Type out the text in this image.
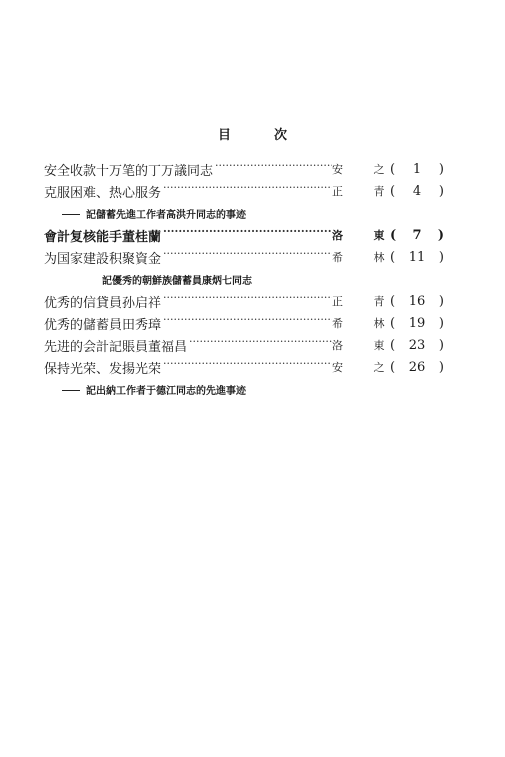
目	次
安全收款十万笔的丁万議同志 ·····	安	之 (	1	)
克服困难、热心服务 ·····	正	青 (	4	)
記儲蓄先進工作者高洪升同志的事迹
會計复核能手董桂蘭 ·····	洛	東 (	7	)
为国家建設积聚資金 ·····	希	林 (	11	)
記優秀的朝鮮族儲蓄員康炳七同志
优秀的信貸員孙启祥 ·····	正	青 (	16	)
优秀的儲蓄員田秀璋 ·····	希	林 (	19	)
先进的会計記賬員董福昌 ·····	洛	東 (	23	)
保持光荣、发揚光荣 ·····	安	之 (	26	)
記出納工作者于德江同志的先進事迹
